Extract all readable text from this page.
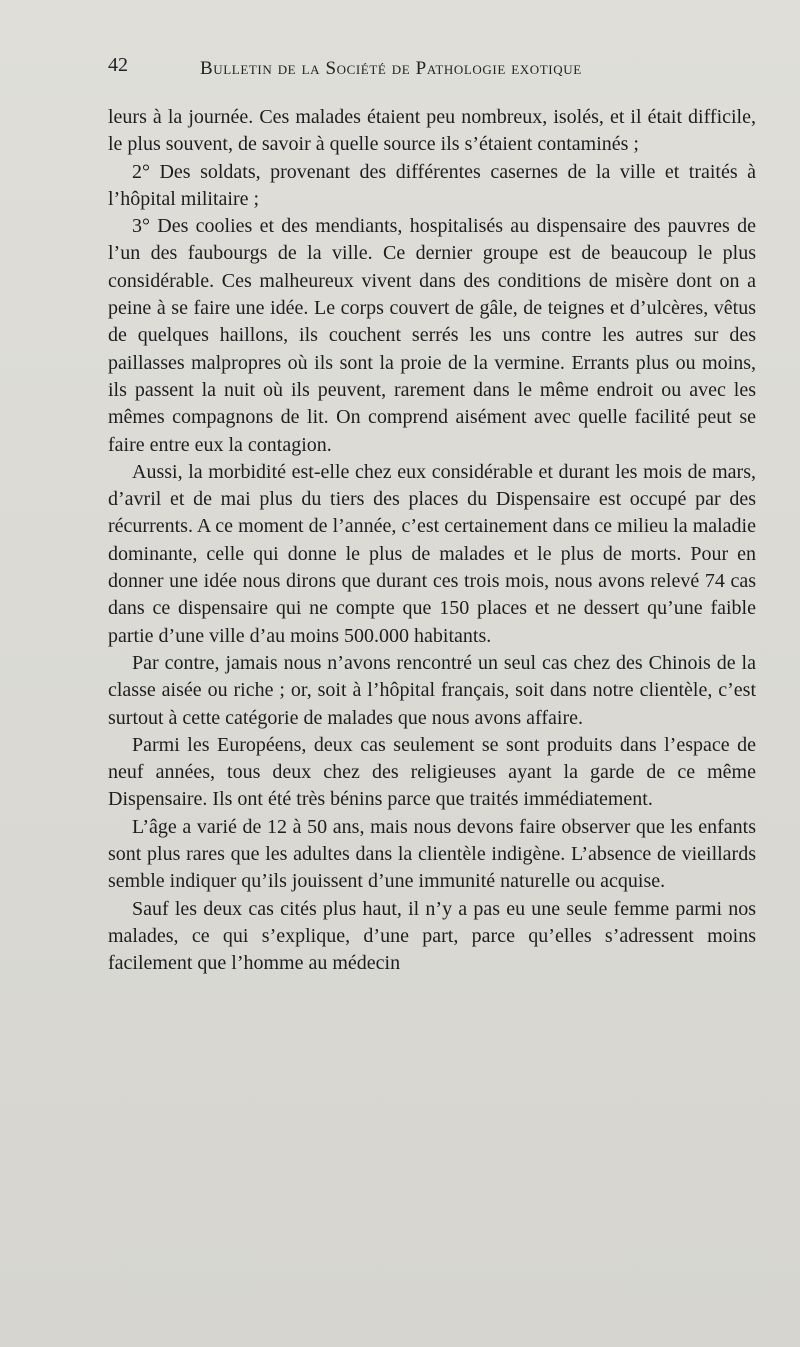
42	Bulletin de la Société de Pathologie exotique

leurs à la journée. Ces malades étaient peu nombreux, isolés, et il était difficile, le plus souvent, de savoir à quelle source ils s’étaient contaminés ;

2° Des soldats, provenant des différentes casernes de la ville et traités à l’hôpital militaire ;

3° Des coolies et des mendiants, hospitalisés au dispensaire des pauvres de l’un des faubourgs de la ville. Ce dernier groupe est de beaucoup le plus considérable. Ces malheureux vivent dans des conditions de misère dont on a peine à se faire une idée. Le corps couvert de gâle, de teignes et d’ulcères, vêtus de quelques haillons, ils couchent serrés les uns contre les autres sur des paillasses malpropres où ils sont la proie de la vermine. Errants plus ou moins, ils passent la nuit où ils peuvent, rarement dans le même endroit ou avec les mêmes compagnons de lit. On comprend aisément avec quelle facilité peut se faire entre eux la contagion.

Aussi, la morbidité est-elle chez eux considérable et durant les mois de mars, d’avril et de mai plus du tiers des places du Dispensaire est occupé par des récurrents. A ce moment de l’année, c’est certainement dans ce milieu la maladie dominante, celle qui donne le plus de malades et le plus de morts. Pour en donner une idée nous dirons que durant ces trois mois, nous avons relevé 74 cas dans ce dispensaire qui ne compte que 150 places et ne dessert qu’une faible partie d’une ville d’au moins 500.000 habitants.

Par contre, jamais nous n’avons rencontré un seul cas chez des Chinois de la classe aisée ou riche ; or, soit à l’hôpital français, soit dans notre clientèle, c’est surtout à cette catégorie de malades que nous avons affaire.

Parmi les Européens, deux cas seulement se sont produits dans l’espace de neuf années, tous deux chez des religieuses ayant la garde de ce même Dispensaire. Ils ont été très bénins parce que traités immédiatement.

L’âge a varié de 12 à 50 ans, mais nous devons faire observer que les enfants sont plus rares que les adultes dans la clientèle indigène. L’absence de vieillards semble indiquer qu’ils jouissent d’une immunité naturelle ou acquise.

Sauf les deux cas cités plus haut, il n’y a pas eu une seule femme parmi nos malades, ce qui s’explique, d’une part, parce qu’elles s’adressent moins facilement que l’homme au médecin
